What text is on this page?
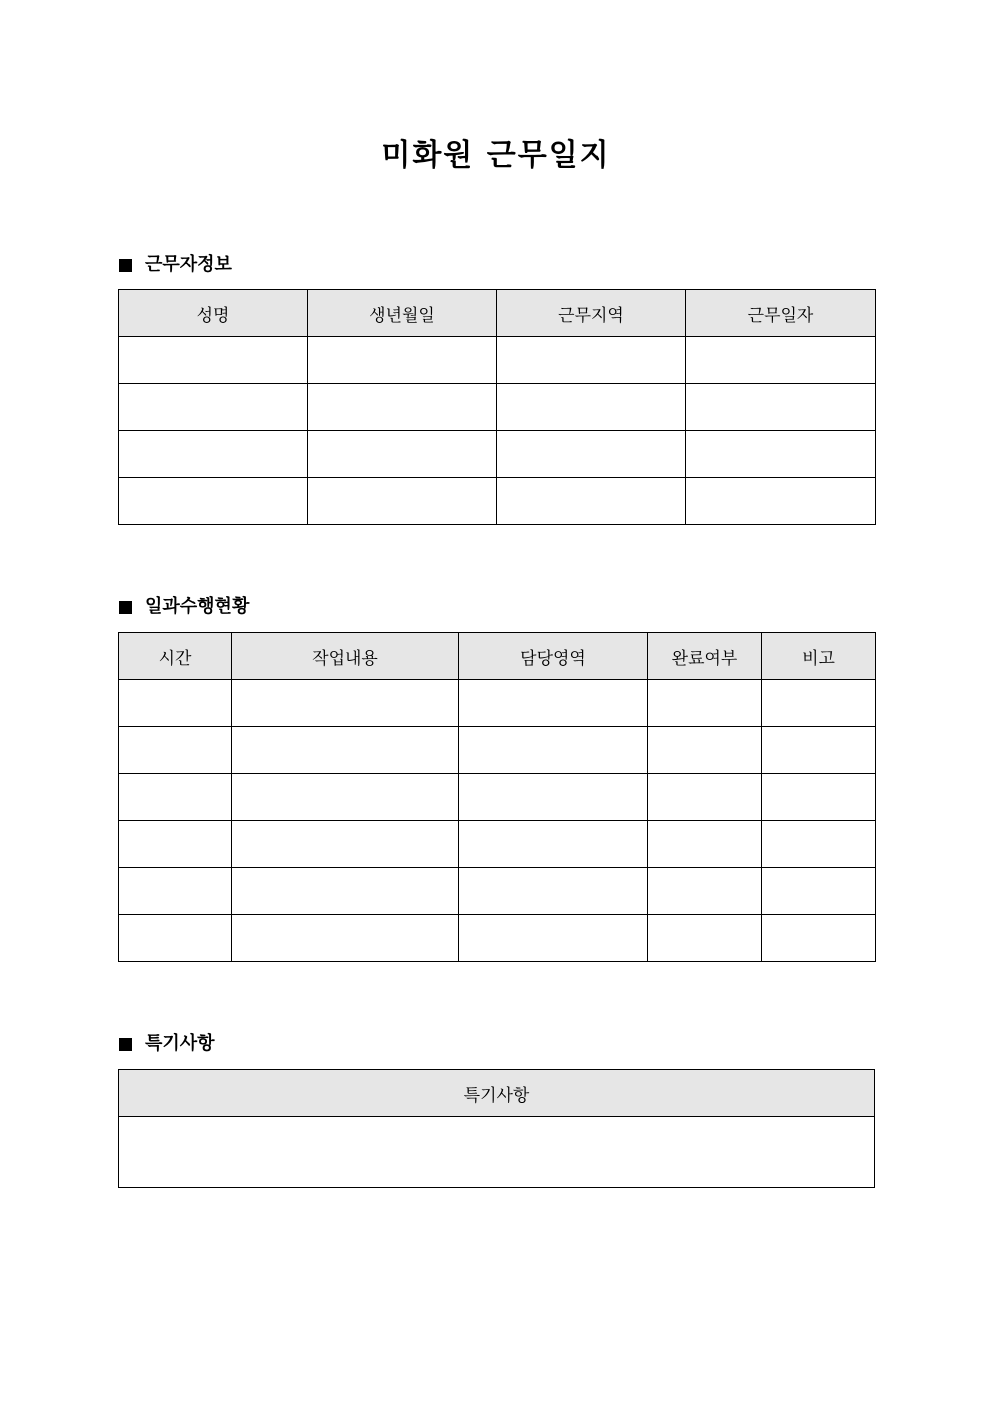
미화원 근무일지
근무자정보
성명	생년월일	근무지역	근무일자

일과수행현황
시간	작업내용	담당영역	완료여부	비고

특기사항
특기사항
